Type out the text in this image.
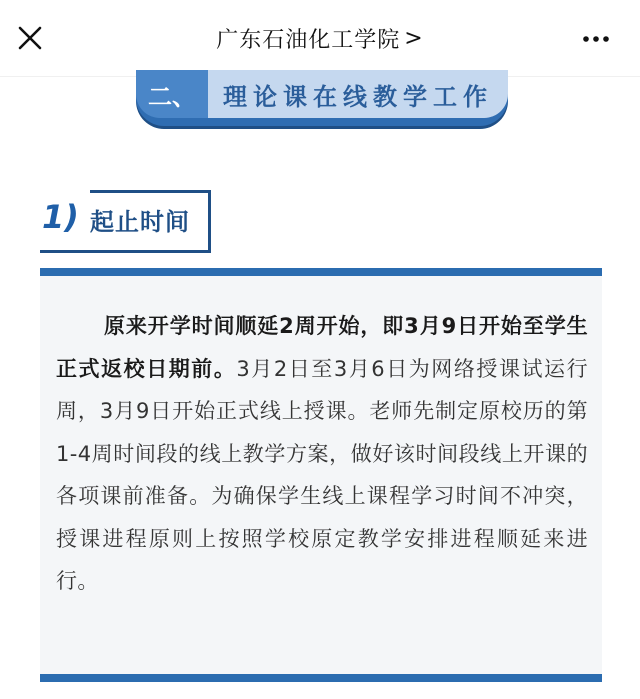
广东石油化工学院 >
二、	理论课在线教学工作
1) 起止时间

原来开学时间顺延2周开始，即3月9日开始至学生正式返校日期前。3月2日至3月6日为网络授课试运行周，3月9日开始正式线上授课。老师先制定原校历的第1-4周时间段的线上教学方案，做好该时间段线上开课的各项课前准备。为确保学生线上课程学习时间不冲突，授课进程原则上按照学校原定教学安排进程顺延来进行。
